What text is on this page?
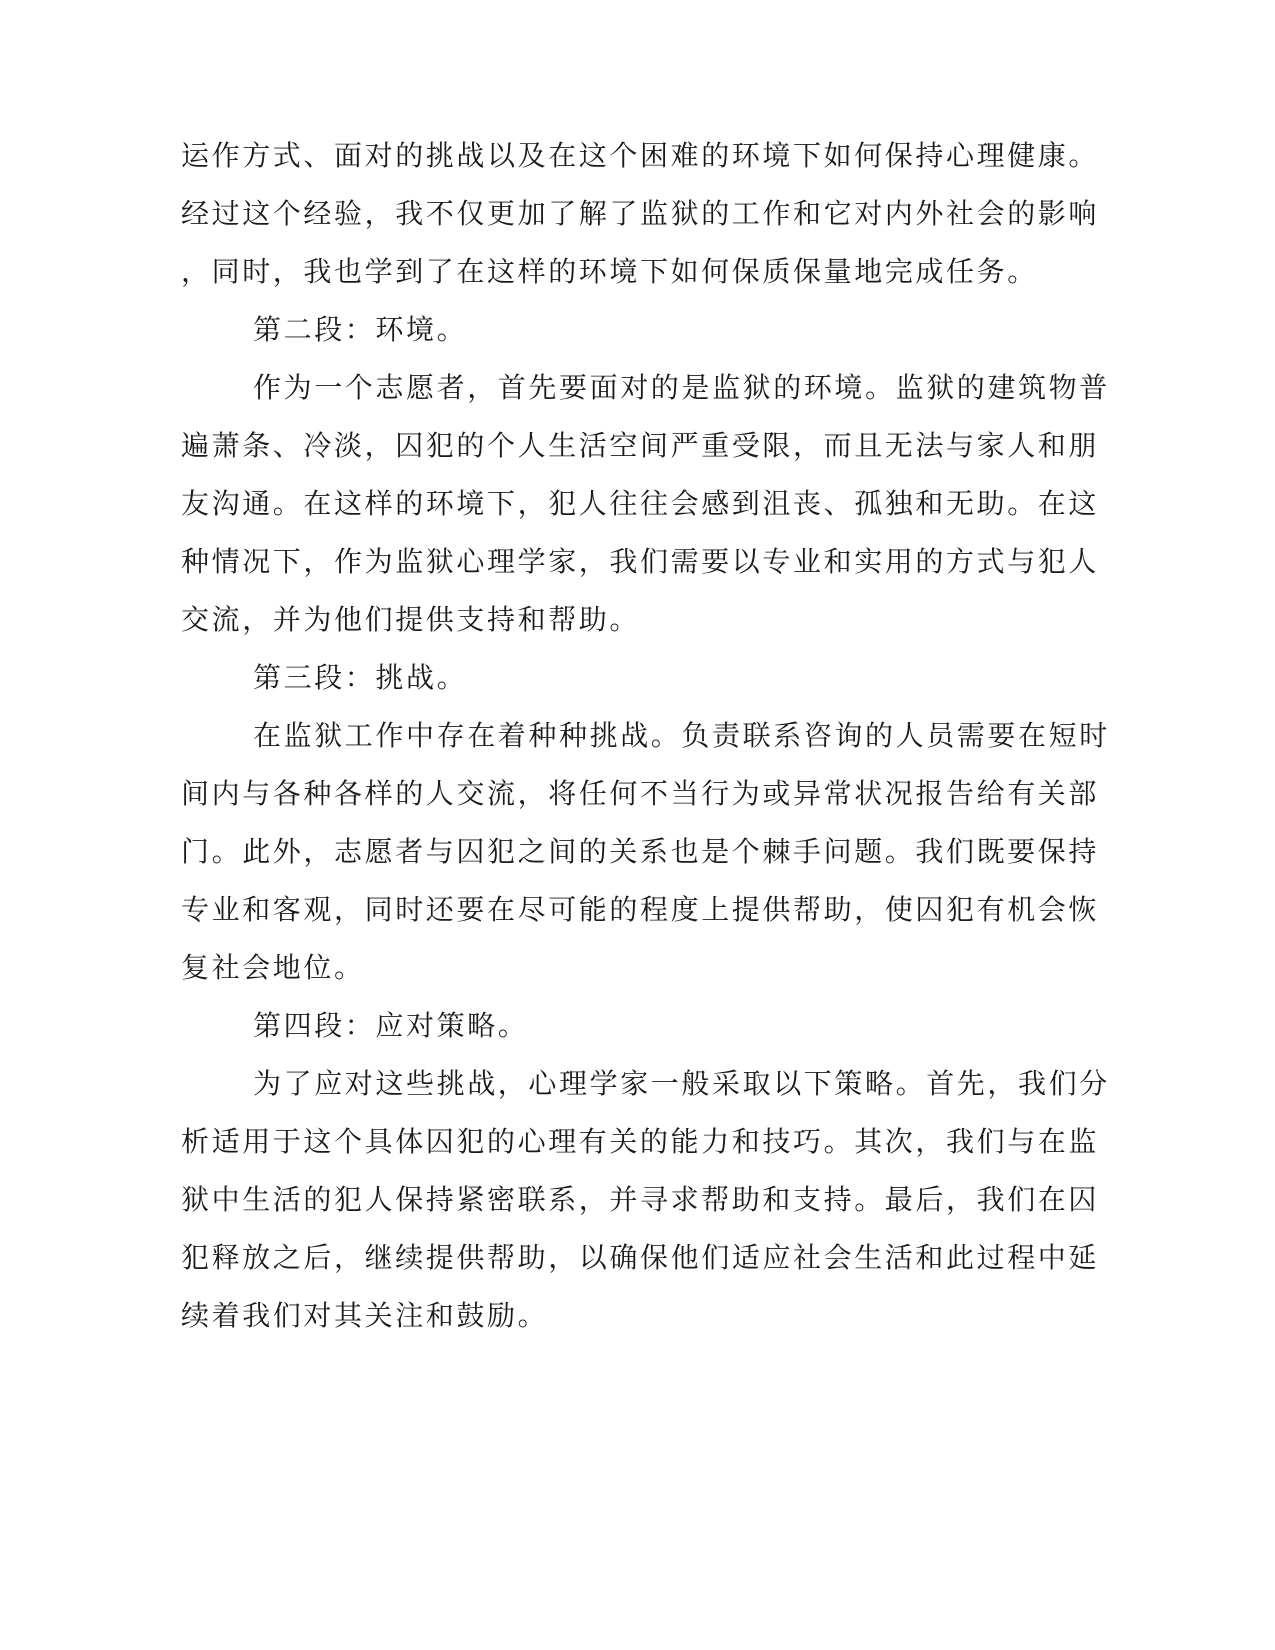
运作方式、面对的挑战以及在这个困难的环境下如何保持心理健康。
经过这个经验，我不仅更加了解了监狱的工作和它对内外社会的影响
，同时，我也学到了在这样的环境下如何保质保量地完成任务。
第二段：环境。
作为一个志愿者，首先要面对的是监狱的环境。监狱的建筑物普
遍萧条、冷淡，囚犯的个人生活空间严重受限，而且无法与家人和朋
友沟通。在这样的环境下，犯人往往会感到沮丧、孤独和无助。在这
种情况下，作为监狱心理学家，我们需要以专业和实用的方式与犯人
交流，并为他们提供支持和帮助。
第三段：挑战。
在监狱工作中存在着种种挑战。负责联系咨询的人员需要在短时
间内与各种各样的人交流，将任何不当行为或异常状况报告给有关部
门。此外，志愿者与囚犯之间的关系也是个棘手问题。我们既要保持
专业和客观，同时还要在尽可能的程度上提供帮助，使囚犯有机会恢
复社会地位。
第四段：应对策略。
为了应对这些挑战，心理学家一般采取以下策略。首先，我们分
析适用于这个具体囚犯的心理有关的能力和技巧。其次，我们与在监
狱中生活的犯人保持紧密联系，并寻求帮助和支持。最后，我们在囚
犯释放之后，继续提供帮助，以确保他们适应社会生活和此过程中延
续着我们对其关注和鼓励。
